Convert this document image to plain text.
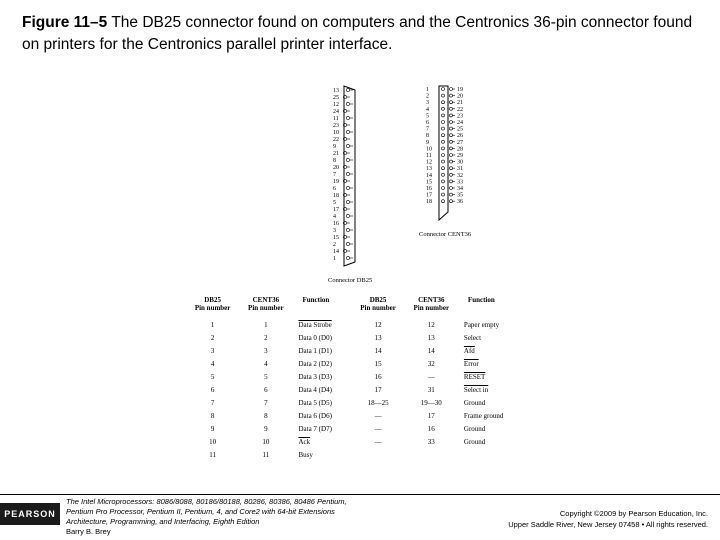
Figure 11–5 The DB25 connector found on computers and the Centronics 36-pin connector found on printers for the Centronics parallel printer interface.
13
25
12
24
11
23
10
22
9
21
8
20
7
19
6
18
5
17
4
16
3
15
2
14
1
Connector DB25
1
2
3
4
5
6
7
8
9
10
11
12
13
14
15
16
17
18
19
20
21
22
23
24
25
26
27
28
29
30
31
32
33
34
35
36
Connector CENT36
DB25
Pin number	CENT36
Pin number	Function	DB25
Pin number	CENT36
Pin number	Function
1	1	Data Strobe	12	12	Paper empty
2	2	Data 0 (D0)	13	13	Select
3	3	Data 1 (D1)	14	14	$\overline{Afd}$
4	4	Data 2 (D2)	15	32	Error
5	5	Data 3 (D3)	16	—	RESET
6	6	Data 4 (D4)	17	31	Select in
7	7	Data 5 (D5)	18—25	19—30	Ground
8	8	Data 6 (D6)	—	17	Frame ground
9	9	Data 7 (D7)	—	16	Ground
10	10	$\overline{Ack}$	—	33	Ground
11	11	Busy			
PEARSON
The Intel Microprocessors: 8086/8088, 80186/80188, 80286, 80386, 80486 Pentium,
Pentium Pro Processor, Pentium II, Pentium, 4, and Core2 with 64-bit Extensions
Architecture, Programming, and Interfacing, Eighth Edition
Barry B. Brey
Copyright ©2009 by Pearson Education, Inc.
Upper Saddle River, New Jersey 07458 • All rights reserved.
